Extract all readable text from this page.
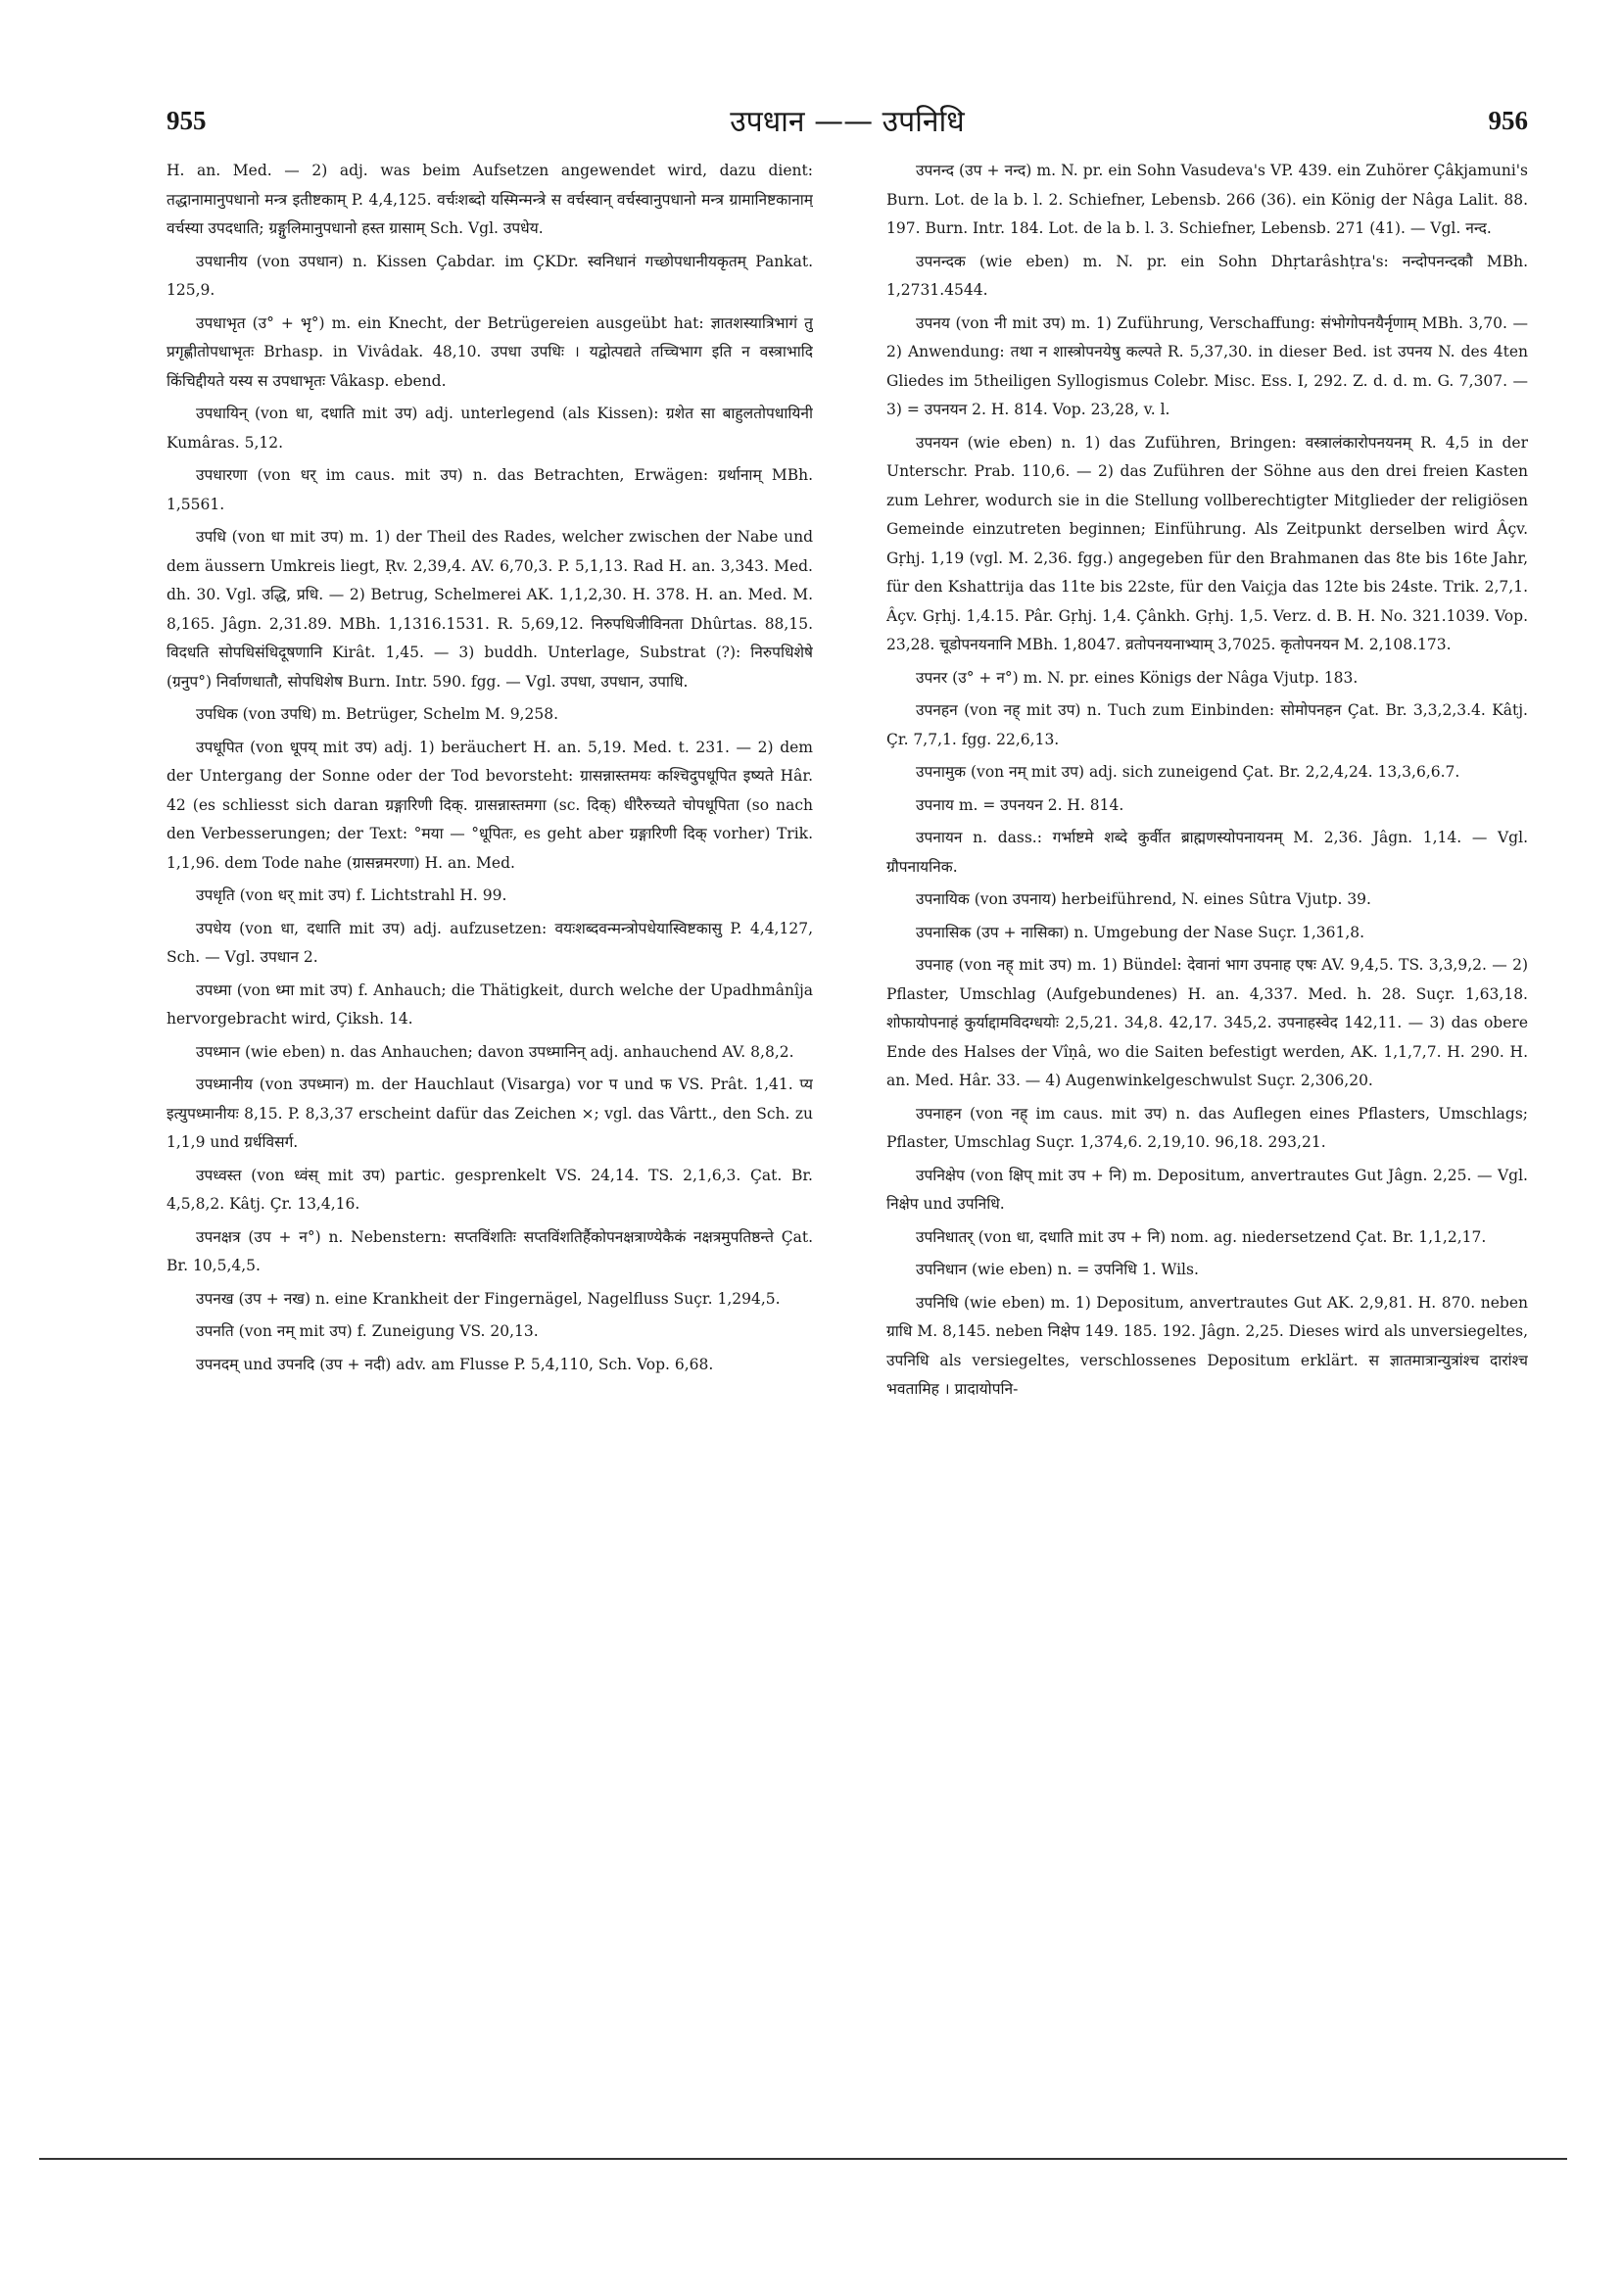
955	उपधान —— उपनिधि	956

H. an. Med. — 2) adj. was beim Aufsetzen angewendet wird, dazu dient: तद्धानामानुपधानो मन्त्र इतीष्टकाम् P. 4,4,125. वर्चःशब्दो यस्मिन्मन्त्रे स वर्चस्वान् वर्चस्वानुपधानो मन्त्र ग्रामानिष्टकानाम् वर्चस्या उपदधाति; ग्रङ्गुलिमानुपधानो हस्त ग्रासाम् Sch. Vgl. उपधेय.

उपधानीय (von उपधान) n. Kissen Çabdar. im ÇKDr. स्वनिधानं गच्छोपधानीयकृतम् Pankat. 125,9.

उपधाभृत (उ° + भृ°) m. ein Knecht, der Betrügereien ausgeübt hat: ज्ञातशस्यात्रिभागं तु प्रगृह्णीतोपधाभृतः Brhasp. in Vivâdak. 48,10. उपधा उपधिः । यद्वोत्पद्यते तच्चिभाग इति न वस्त्राभादि किंचिद्दीयते यस्य स उपधाभृतः Vâkasp. ebend.

उपधायिन् (von धा, दधाति mit उप) adj. unterlegend (als Kissen): ग्रशेत सा बाहुलतोपधायिनी Kumâras. 5,12.

उपधारणा (von धर् im caus. mit उप) n. das Betrachten, Erwägen: ग्रर्थानाम् MBh. 1,5561.

उपधि (von धा mit उप) m. 1) der Theil des Rades, welcher zwischen der Nabe und dem äussern Umkreis liegt, Ṛv. 2,39,4. AV. 6,70,3. P. 5,1,13. Rad H. an. 3,343. Med. dh. 30. Vgl. उद्धि, प्रधि. — 2) Betrug, Schelmerei AK. 1,1,2,30. H. 378. H. an. Med. M. 8,165. Jâgn. 2,31.89. MBh. 1,1316.1531. R. 5,69,12. निरुपधिजीविनता Dhûrtas. 88,15. विदधति सोपधिसंधिदूषणानि Kirât. 1,45. — 3) buddh. Unterlage, Substrat (?): निरुपधिशेषे (ग्रनुप°) निर्वाणधातौ, सोपधिशेष Burn. Intr. 590. fgg. — Vgl. उपधा, उपधान, उपाधि.

उपधिक (von उपधि) m. Betrüger, Schelm M. 9,258.

उपधूपित (von धूपय् mit उप) adj. 1) beräuchert H. an. 5,19. Med. t. 231. — 2) dem der Untergang der Sonne oder der Tod bevorsteht: ग्रासन्नास्तमयः कश्चिदुपधूपित इष्यते Hâr. 42 (es schliesst sich daran ग्रङ्गारिणी दिक्. ग्रासन्नास्तमगा (sc. दिक्) धीरैरुच्यते चोपधूपिता (so nach den Verbesserungen; der Text: °मया — °धूपितः, es geht aber ग्रङ्गारिणी दिक् vorher) Trik. 1,1,96. dem Tode nahe (ग्रासन्नमरणा) H. an. Med.

उपधृति (von धर् mit उप) f. Lichtstrahl H. 99.

उपधेय (von धा, दधाति mit उप) adj. aufzusetzen: वयःशब्दवन्मन्त्रोपधेयास्विष्टकासु P. 4,4,127, Sch. — Vgl. उपधान 2.

उपध्मा (von ध्मा mit उप) f. Anhauch; die Thätigkeit, durch welche der Upadhmânîja hervorgebracht wird, Çiksh. 14.

उपध्मान (wie eben) n. das Anhauchen; davon उपध्मानिन् adj. anhauchend AV. 8,8,2.

उपध्मानीय (von उपध्मान) m. der Hauchlaut (Visarga) vor प und फ VS. Prât. 1,41. प्य इत्युपध्मानीयः 8,15. P. 8,3,37 erscheint dafür das Zeichen ⨯; vgl. das Vârtt., den Sch. zu 1,1,9 und ग्रर्धविसर्ग.

उपध्वस्त (von ध्वंस् mit उप) partic. gesprenkelt VS. 24,14. TS. 2,1,6,3. Çat. Br. 4,5,8,2. Kâtj. Çr. 13,4,16.

उपनक्षत्र (उप + न°) n. Nebenstern: सप्तविंशतिः सप्तविंशतिर्हैकोपनक्षत्राण्येकैकं नक्षत्रमुपतिष्ठन्ते Çat. Br. 10,5,4,5.

उपनख (उप + नख) n. eine Krankheit der Fingernägel, Nagelfluss Suçr. 1,294,5.

उपनति (von नम् mit उप) f. Zuneigung VS. 20,13.

उपनदम् und उपनदि (उप + नदी) adv. am Flusse P. 5,4,110, Sch. Vop. 6,68.

उपनन्द (उप + नन्द) m. N. pr. ein Sohn Vasudeva's VP. 439. ein Zuhörer Çâkjamuni's Burn. Lot. de la b. l. 2. Schiefner, Lebensb. 266 (36). ein König der Nâga Lalit. 88. 197. Burn. Intr. 184. Lot. de la b. l. 3. Schiefner, Lebensb. 271 (41). — Vgl. नन्द.

उपनन्दक (wie eben) m. N. pr. ein Sohn Dhṛtarâshṭra's: नन्दोपनन्दकौ MBh. 1,2731.4544.

उपनय (von नी mit उप) m. 1) Zuführung, Verschaffung: संभोगोपनयैर्नृणाम् MBh. 3,70. — 2) Anwendung: तथा न शास्त्रोपनयेषु कल्पते R. 5,37,30. in dieser Bed. ist उपनय N. des 4ten Gliedes im 5theiligen Syllogismus Colebr. Misc. Ess. I, 292. Z. d. d. m. G. 7,307. — 3) = उपनयन 2. H. 814. Vop. 23,28, v. l.

उपनयन (wie eben) n. 1) das Zuführen, Bringen: वस्त्रालंकारोपनयनम् R. 4,5 in der Unterschr. Prab. 110,6. — 2) das Zuführen der Söhne aus den drei freien Kasten zum Lehrer, wodurch sie in die Stellung vollberechtigter Mitglieder der religiösen Gemeinde einzutreten beginnen; Einführung. Als Zeitpunkt derselben wird Âçv. Gṛhj. 1,19 (vgl. M. 2,36. fgg.) angegeben für den Brahmanen das 8te bis 16te Jahr, für den Kshattrija das 11te bis 22ste, für den Vaiçja das 12te bis 24ste. Trik. 2,7,1. Âçv. Gṛhj. 1,4.15. Pâr. Gṛhj. 1,4. Çânkh. Gṛhj. 1,5. Verz. d. B. H. No. 321.1039. Vop. 23,28. चूडोपनयनानि MBh. 1,8047. व्रतोपनयनाभ्याम् 3,7025. कृतोपनयन M. 2,108.173.

उपनर (उ° + न°) m. N. pr. eines Königs der Nâga Vjutp. 183.

उपनहन (von नह् mit उप) n. Tuch zum Einbinden: सोमोपनहन Çat. Br. 3,3,2,3.4. Kâtj. Çr. 7,7,1. fgg. 22,6,13.

उपनामुक (von नम् mit उप) adj. sich zuneigend Çat. Br. 2,2,4,24. 13,3,6,6.7.

उपनाय m. = उपनयन 2. H. 814.

उपनायन n. dass.: गर्भाष्टमे शब्दे कुर्वीत ब्राह्मणस्योपनायनम् M. 2,36. Jâgn. 1,14. — Vgl. ग्रौपनायनिक.

उपनायिक (von उपनाय) herbeiführend, N. eines Sûtra Vjutp. 39.

उपनासिक (उप + नासिका) n. Umgebung der Nase Suçr. 1,361,8.

उपनाह (von नह् mit उप) m. 1) Bündel: देवानां भाग उपनाह एषः AV. 9,4,5. TS. 3,3,9,2. — 2) Pflaster, Umschlag (Aufgebundenes) H. an. 4,337. Med. h. 28. Suçr. 1,63,18. शोफायोपनाहं कुर्याद्दामविदग्धयोः 2,5,21. 34,8. 42,17. 345,2. उपनाहस्वेद 142,11. — 3) das obere Ende des Halses der Vîṇâ, wo die Saiten befestigt werden, AK. 1,1,7,7. H. 290. H. an. Med. Hâr. 33. — 4) Augenwinkelgeschwulst Suçr. 2,306,20.

उपनाहन (von नह् im caus. mit उप) n. das Auflegen eines Pflasters, Umschlags; Pflaster, Umschlag Suçr. 1,374,6. 2,19,10. 96,18. 293,21.

उपनिक्षेप (von क्षिप् mit उप + नि) m. Depositum, anvertrautes Gut Jâgn. 2,25. — Vgl. निक्षेप und उपनिधि.

उपनिधातर् (von धा, दधाति mit उप + नि) nom. ag. niedersetzend Çat. Br. 1,1,2,17.

उपनिधान (wie eben) n. = उपनिधि 1. Wils.

उपनिधि (wie eben) m. 1) Depositum, anvertrautes Gut AK. 2,9,81. H. 870. neben ग्राधि M. 8,145. neben निक्षेप 149. 185. 192. Jâgn. 2,25. Dieses wird als unversiegeltes, उपनिधि als versiegeltes, verschlossenes Depositum erklärt. स ज्ञातमात्रान्युत्रांश्च दारांश्च भवतामिह । प्रादायोपनि-
